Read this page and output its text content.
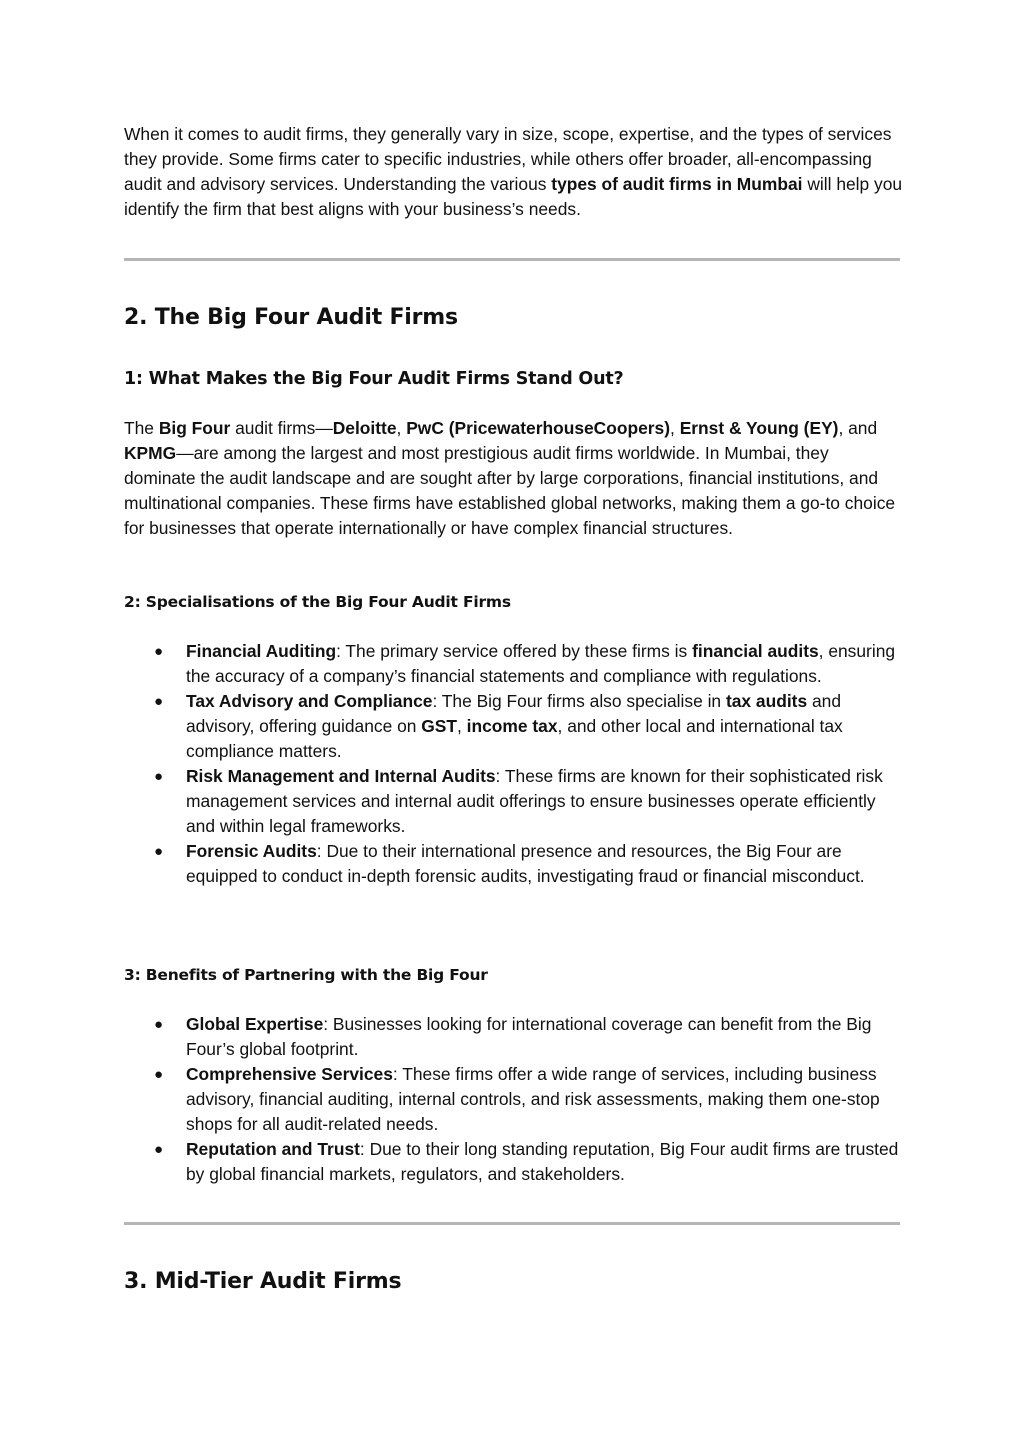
When it comes to audit firms, they generally vary in size, scope, expertise, and the types of services they provide. Some firms cater to specific industries, while others offer broader, all-encompassing audit and advisory services. Understanding the various types of audit firms in Mumbai will help you identify the firm that best aligns with your business’s needs.

2. The Big Four Audit Firms
1: What Makes the Big Four Audit Firms Stand Out?

The Big Four audit firms—Deloitte, PwC (PricewaterhouseCoopers), Ernst & Young (EY), and KPMG—are among the largest and most prestigious audit firms worldwide. In Mumbai, they dominate the audit landscape and are sought after by large corporations, financial institutions, and multinational companies. These firms have established global networks, making them a go-to choice for businesses that operate internationally or have complex financial structures.

2: Specialisations of the Big Four Audit Firms
● Financial Auditing: The primary service offered by these firms is financial audits, ensuring the accuracy of a company’s financial statements and compliance with regulations.
● Tax Advisory and Compliance: The Big Four firms also specialise in tax audits and advisory, offering guidance on GST, income tax, and other local and international tax compliance matters.
● Risk Management and Internal Audits: These firms are known for their sophisticated risk management services and internal audit offerings to ensure businesses operate efficiently and within legal frameworks.
● Forensic Audits: Due to their international presence and resources, the Big Four are equipped to conduct in-depth forensic audits, investigating fraud or financial misconduct.
3: Benefits of Partnering with the Big Four
● Global Expertise: Businesses looking for international coverage can benefit from the Big Four’s global footprint.
● Comprehensive Services: These firms offer a wide range of services, including business advisory, financial auditing, internal controls, and risk assessments, making them one-stop shops for all audit-related needs.
● Reputation and Trust: Due to their long standing reputation, Big Four audit firms are trusted by global financial markets, regulators, and stakeholders.
3. Mid-Tier Audit Firms
